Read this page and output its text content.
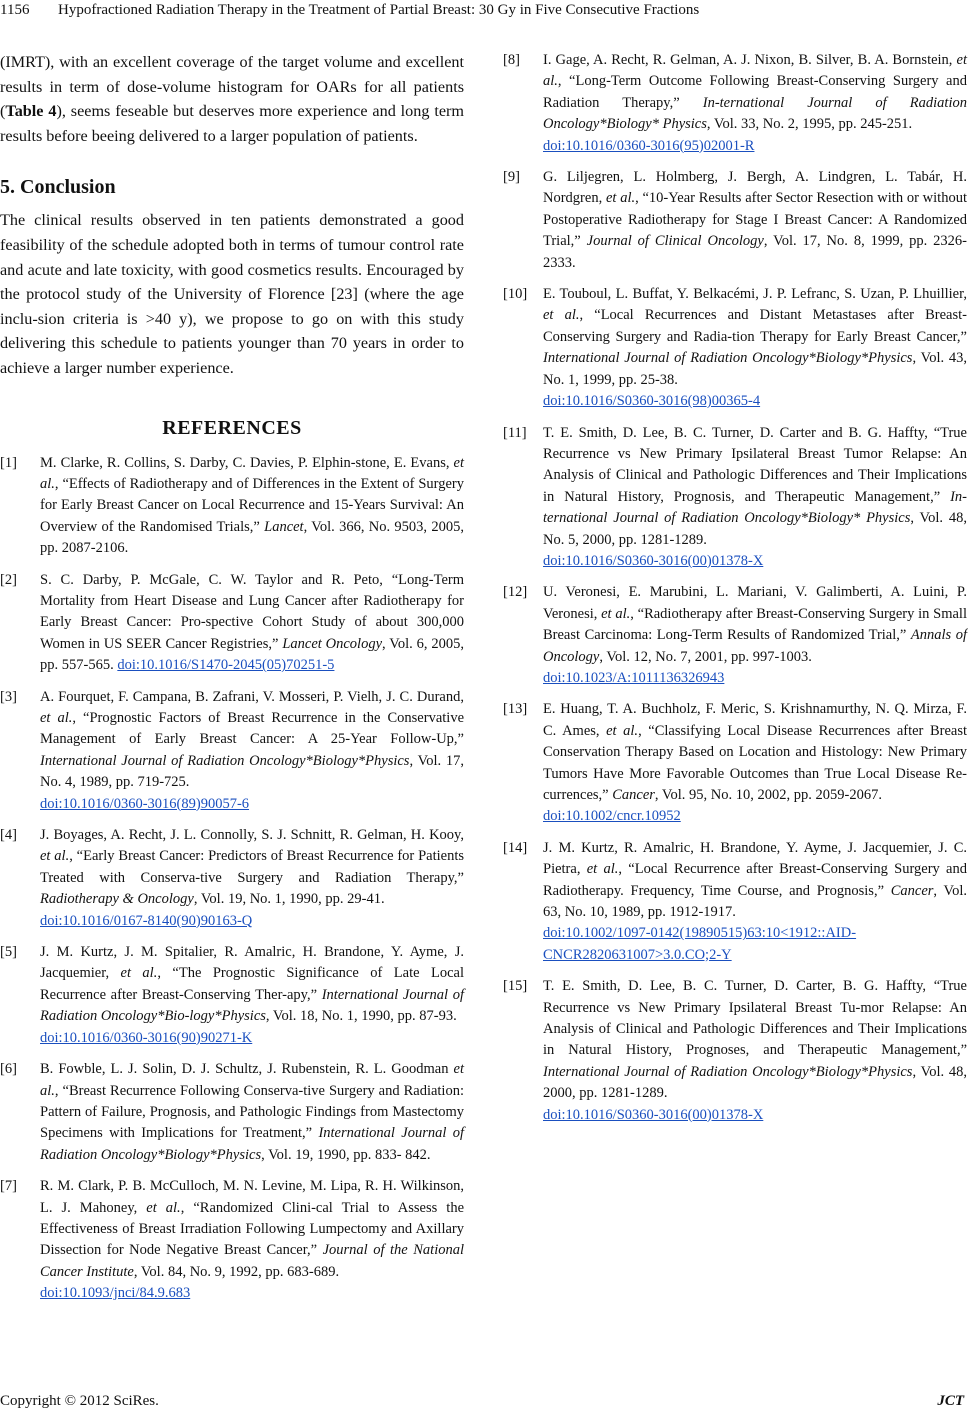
1156 Hypofractioned Radiation Therapy in the Treatment of Partial Breast: 30 Gy in Five Consecutive Fractions

(IMRT), with an excellent coverage of the target volume and excellent results in term of dose-volume histogram for OARs for all patients (Table 4), seems feseable but deserves more experience and long term results before beeing delivered to a larger population of patients.

5. Conclusion

The clinical results observed in ten patients demonstrated a good feasibility of the schedule adopted both in terms of tumour control rate and acute and late toxicity, with good cosmetics results. Encouraged by the protocol study of the University of Florence [23] (where the age inclu-sion criteria is >40 y), we propose to go on with this study delivering this schedule to patients younger than 70 years in order to achieve a larger number experience.

REFERENCES
[1] M. Clarke, R. Collins, S. Darby, C. Davies, P. Elphin-stone, E. Evans, et al., “Effects of Radiotherapy and of Differences in the Extent of Surgery for Early Breast Cancer on Local Recurrence and 15-Years Survival: An Overview of the Randomised Trials,” Lancet, Vol. 366, No. 9503, 2005, pp. 2087-2106.
[2] S. C. Darby, P. McGale, C. W. Taylor and R. Peto, “Long-Term Mortality from Heart Disease and Lung Cancer after Radiotherapy for Early Breast Cancer: Pro-spective Cohort Study of about 300,000 Women in US SEER Cancer Registries,” Lancet Oncology, Vol. 6, 2005, pp. 557-565. doi:10.1016/S1470-2045(05)70251-5
[3] A. Fourquet, F. Campana, B. Zafrani, V. Mosseri, P. Vielh, J. C. Durand, et al., “Prognostic Factors of Breast Recurrence in the Conservative Management of Early Breast Cancer: A 25-Year Follow-Up,” International Journal of Radiation Oncology*Biology*Physics, Vol. 17, No. 4, 1989, pp. 719-725.
doi:10.1016/0360-3016(89)90057-6
[4] J. Boyages, A. Recht, J. L. Connolly, S. J. Schnitt, R. Gelman, H. Kooy, et al., “Early Breast Cancer: Predictors of Breast Recurrence for Patients Treated with Conserva-tive Surgery and Radiation Therapy,” Radiotherapy & Oncology, Vol. 19, No. 1, 1990, pp. 29-41.
doi:10.1016/0167-8140(90)90163-Q
[5] J. M. Kurtz, J. M. Spitalier, R. Amalric, H. Brandone, Y. Ayme, J. Jacquemier, et al., “The Prognostic Significance of Late Local Recurrence after Breast-Conserving Ther-apy,” International Journal of Radiation Oncology*Bio-logy*Physics, Vol. 18, No. 1, 1990, pp. 87-93.
doi:10.1016/0360-3016(90)90271-K
[6] B. Fowble, L. J. Solin, D. J. Schultz, J. Rubenstein, R. L. Goodman et al., “Breast Recurrence Following Conserva-tive Surgery and Radiation: Pattern of Failure, Prognosis, and Pathologic Findings from Mastectomy Specimens with Implications for Treatment,” International Journal of Radiation Oncology*Biology*Physics, Vol. 19, 1990, pp. 833- 842.
[7] R. M. Clark, P. B. McCulloch, M. N. Levine, M. Lipa, R. H. Wilkinson, L. J. Mahoney, et al., “Randomized Clini-cal Trial to Assess the Effectiveness of Breast Irradiation Following Lumpectomy and Axillary Dissection for Node Negative Breast Cancer,” Journal of the National Cancer Institute, Vol. 84, No. 9, 1992, pp. 683-689.
doi:10.1093/jnci/84.9.683
[8] I. Gage, A. Recht, R. Gelman, A. J. Nixon, B. Silver, B. A. Bornstein, et al., “Long-Term Outcome Following Breast-Conserving Surgery and Radiation Therapy,” In-ternational Journal of Radiation Oncology*Biology* Physics, Vol. 33, No. 2, 1995, pp. 245-251.
doi:10.1016/0360-3016(95)02001-R
[9] G. Liljegren, L. Holmberg, J. Bergh, A. Lindgren, L. Tabár, H. Nordgren, et al., “10-Year Results after Sector Resection with or without Postoperative Radiotherapy for Stage I Breast Cancer: A Randomized Trial,” Journal of Clinical Oncology, Vol. 17, No. 8, 1999, pp. 2326-2333.
[10] E. Touboul, L. Buffat, Y. Belkacémi, J. P. Lefranc, S. Uzan, P. Lhuillier, et al., “Local Recurrences and Distant Metastases after Breast-Conserving Surgery and Radia-tion Therapy for Early Breast Cancer,” International Journal of Radiation Oncology*Biology*Physics, Vol. 43, No. 1, 1999, pp. 25-38.
doi:10.1016/S0360-3016(98)00365-4
[11] T. E. Smith, D. Lee, B. C. Turner, D. Carter and B. G. Haffty, “True Recurrence vs New Primary Ipsilateral Breast Tumor Relapse: An Analysis of Clinical and Pathologic Differences and Their Implications in Natural History, Prognosis, and Therapeutic Management,” In-ternational Journal of Radiation Oncology*Biology* Physics, Vol. 48, No. 5, 2000, pp. 1281-1289.
doi:10.1016/S0360-3016(00)01378-X
[12] U. Veronesi, E. Marubini, L. Mariani, V. Galimberti, A. Luini, P. Veronesi, et al., “Radiotherapy after Breast-Conserving Surgery in Small Breast Carcinoma: Long-Term Results of Randomized Trial,” Annals of Oncology, Vol. 12, No. 7, 2001, pp. 997-1003.
doi:10.1023/A:1011136326943
[13] E. Huang, T. A. Buchholz, F. Meric, S. Krishnamurthy, N. Q. Mirza, F. C. Ames, et al., “Classifying Local Disease Recurrences after Breast Conservation Therapy Based on Location and Histology: New Primary Tumors Have More Favorable Outcomes than True Local Disease Re-currences,” Cancer, Vol. 95, No. 10, 2002, pp. 2059-2067.
doi:10.1002/cncr.10952
[14] J. M. Kurtz, R. Amalric, H. Brandone, Y. Ayme, J. Jacquemier, J. C. Pietra, et al., “Local Recurrence after Breast-Conserving Surgery and Radiotherapy. Frequency, Time Course, and Prognosis,” Cancer, Vol. 63, No. 10, 1989, pp. 1912-1917.
doi:10.1002/1097-0142(19890515)63:10<1912::AID-CNCR2820631007>3.0.CO;2-Y
[15] T. E. Smith, D. Lee, B. C. Turner, D. Carter, B. G. Haffty, “True Recurrence vs New Primary Ipsilateral Breast Tu-mor Relapse: An Analysis of Clinical and Pathologic Differences and Their Implications in Natural History, Prognoses, and Therapeutic Management,” International Journal of Radiation Oncology*Biology*Physics, Vol. 48, 2000, pp. 1281-1289.
doi:10.1016/S0360-3016(00)01378-X
Copyright © 2012 SciRes.	JCT
